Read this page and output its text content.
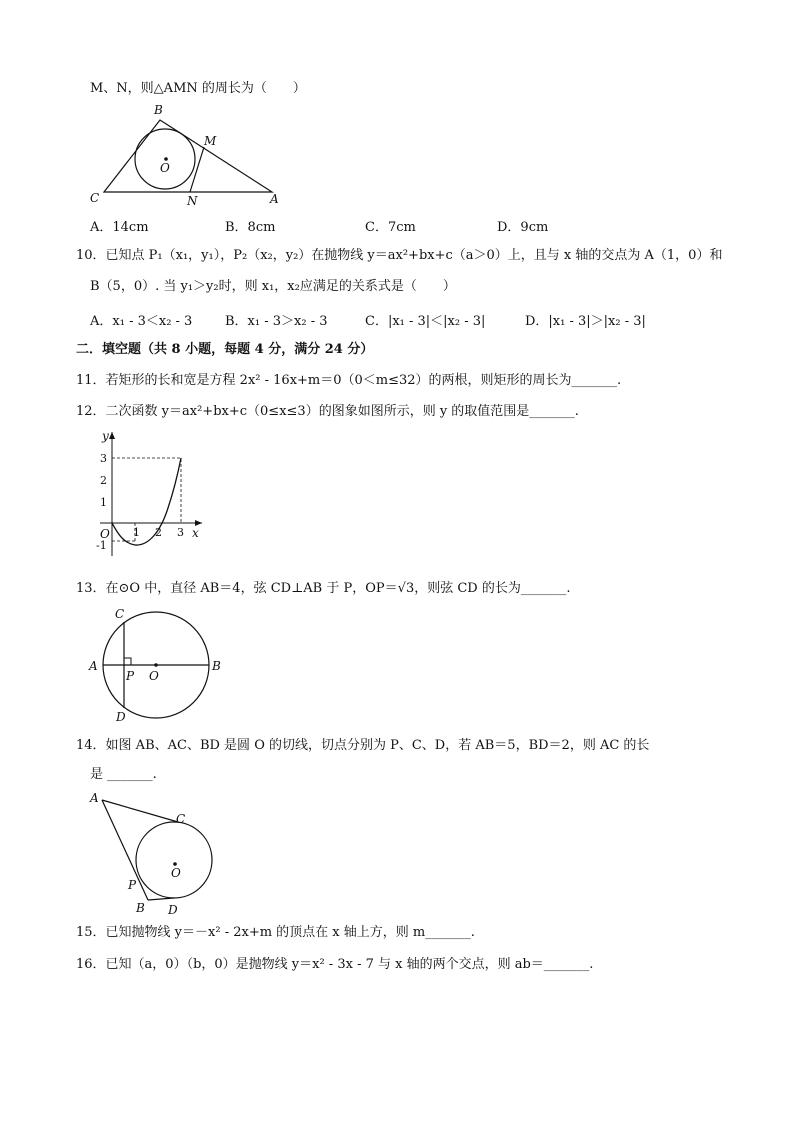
M、N，则△AMN 的周长为（　　）
B
M
O
C	N	A
A．14cm	B．8cm	C．7cm	D．9cm
10．已知点 P₁（x₁，y₁），P₂（x₂，y₂）在抛物线 y＝ax²+bx+c（a＞0）上，且与 x 轴的交点为 A（1，0）和
B（5，0）. 当 y₁＞y₂时，则 x₁，x₂应满足的关系式是（　　）
A．x₁ - 3＜x₂ - 3	B．x₁ - 3＞x₂ - 3	C．|x₁ - 3|＜|x₂ - 3|	D．|x₁ - 3|＞|x₂ - 3|
二．填空题（共 8 小题，每题 4 分，满分 24 分）
11．若矩形的长和宽是方程 2x² - 16x+m＝0（0＜m≤32）的两根，则矩形的周长为_______.
12．二次函数 y＝ax²+bx+c（0≤x≤3）的图象如图所示，则 y 的取值范围是_______.
y
x
O
3
2
1
-1
1 2 3
13．在⊙O 中，直径 AB＝4，弦 CD⊥AB 于 P，OP＝√3，则弦 CD 的长为_______.
C
A
P O
B
D
14．如图 AB、AC、BD 是圆 O 的切线，切点分别为 P、C、D，若 AB＝5，BD＝2，则 AC 的长
是 _______.
A
C
O
P
B D
15．已知抛物线 y＝－x² - 2x+m 的顶点在 x 轴上方，则 m_______.
16．已知（a，0）（b，0）是抛物线 y＝x² - 3x - 7 与 x 轴的两个交点，则 ab＝_______.
